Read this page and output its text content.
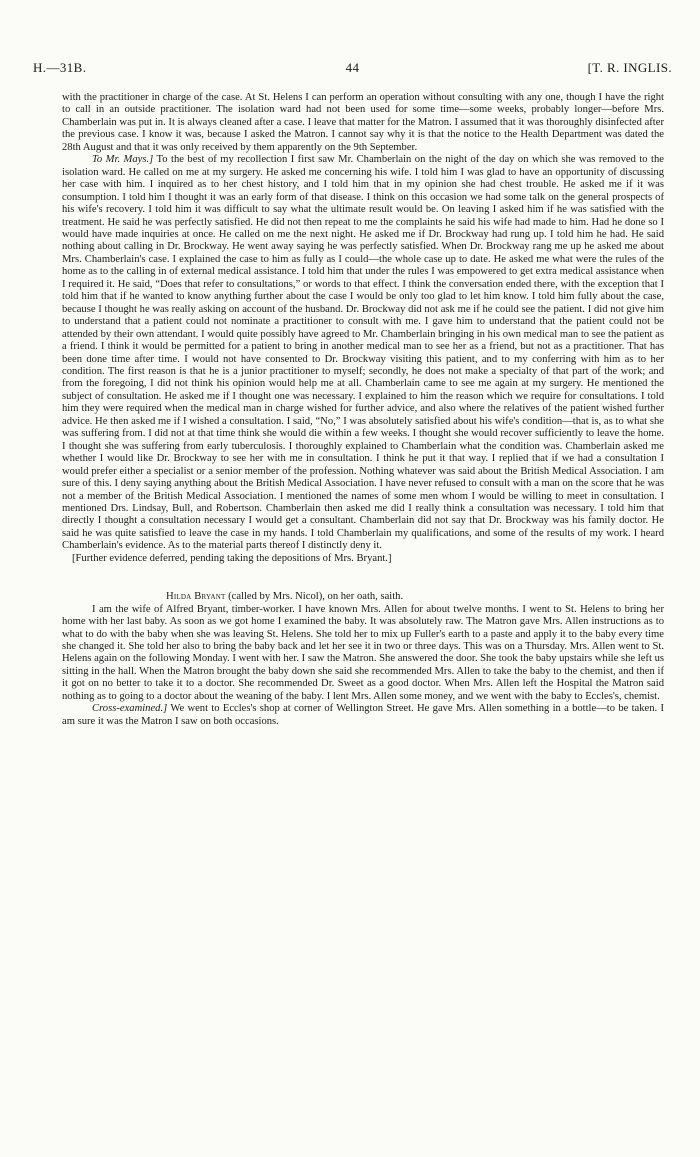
H.—31B.	44	[T. R. INGLIS.

with the practitioner in charge of the case. At St. Helens I can perform an operation without consulting with any one, though I have the right to call in an outside practitioner. The isolation ward had not been used for some time—some weeks, probably longer—before Mrs. Chamberlain was put in. It is always cleaned after a case. I leave that matter for the Matron. I assumed that it was thoroughly disinfected after the previous case. I know it was, because I asked the Matron. I cannot say why it is that the notice to the Health Department was dated the 28th August and that it was only received by them apparently on the 9th September.

To Mr. Mays.] To the best of my recollection I first saw Mr. Chamberlain on the night of the day on which she was removed to the isolation ward. He called on me at my surgery. He asked me concerning his wife. I told him I was glad to have an opportunity of discussing her case with him. I inquired as to her chest history, and I told him that in my opinion she had chest trouble. He asked me if it was consumption. I told him I thought it was an early form of that disease. I think on this occasion we had some talk on the general prospects of his wife's recovery. I told him it was difficult to say what the ultimate result would be. On leaving I asked him if he was satisfied with the treatment. He said he was perfectly satisfied. He did not then repeat to me the complaints he said his wife had made to him. Had he done so I would have made inquiries at once. He called on me the next night. He asked me if Dr. Brockway had rung up. I told him he had. He said nothing about calling in Dr. Brockway. He went away saying he was perfectly satisfied. When Dr. Brockway rang me up he asked me about Mrs. Chamberlain's case. I explained the case to him as fully as I could—the whole case up to date. He asked me what were the rules of the home as to the calling in of external medical assistance. I told him that under the rules I was empowered to get extra medical assistance when I required it. He said, “Does that refer to consultations,” or words to that effect. I think the conversation ended there, with the exception that I told him that if he wanted to know anything further about the case I would be only too glad to let him know. I told him fully about the case, because I thought he was really asking on account of the husband. Dr. Brockway did not ask me if he could see the patient. I did not give him to understand that a patient could not nominate a practitioner to consult with me. I gave him to understand that the patient could not be attended by their own attendant. I would quite possibly have agreed to Mr. Chamberlain bringing in his own medical man to see the patient as a friend. I think it would be permitted for a patient to bring in another medical man to see her as a friend, but not as a practitioner. That has been done time after time. I would not have consented to Dr. Brockway visiting this patient, and to my conferring with him as to her condition. The first reason is that he is a junior practitioner to myself; secondly, he does not make a specialty of that part of the work; and from the foregoing, I did not think his opinion would help me at all. Chamberlain came to see me again at my surgery. He mentioned the subject of consultation. He asked me if I thought one was necessary. I explained to him the reason which we require for consultations. I told him they were required when the medical man in charge wished for further advice, and also where the relatives of the patient wished further advice. He then asked me if I wished a consultation. I said, “No,” I was absolutely satisfied about his wife's condition—that is, as to what she was suffering from. I did not at that time think she would die within a few weeks. I thought she would recover sufficiently to leave the home. I thought she was suffering from early tuberculosis. I thoroughly explained to Chamberlain what the condition was. Chamberlain asked me whether I would like Dr. Brockway to see her with me in consultation. I think he put it that way. I replied that if we had a consultation I would prefer either a specialist or a senior member of the profession. Nothing whatever was said about the British Medical Association. I am sure of this. I deny saying anything about the British Medical Association. I have never refused to consult with a man on the score that he was not a member of the British Medical Association. I mentioned the names of some men whom I would be willing to meet in consultation. I mentioned Drs. Lindsay, Bull, and Robertson. Chamberlain then asked me did I really think a consultation was necessary. I told him that directly I thought a consultation necessary I would get a consultant. Chamberlain did not say that Dr. Brockway was his family doctor. He said he was quite satisfied to leave the case in my hands. I told Chamberlain my qualifications, and some of the results of my work. I heard Chamberlain's evidence. As to the material parts thereof I distinctly deny it.

[Further evidence deferred, pending taking the depositions of Mrs. Bryant.]

Hilda Bryant (called by Mrs. Nicol), on her oath, saith.

I am the wife of Alfred Bryant, timber-worker. I have known Mrs. Allen for about twelve months. I went to St. Helens to bring her home with her last baby. As soon as we got home I examined the baby. It was absolutely raw. The Matron gave Mrs. Allen instructions as to what to do with the baby when she was leaving St. Helens. She told her to mix up Fuller's earth to a paste and apply it to the baby every time she changed it. She told her also to bring the baby back and let her see it in two or three days. This was on a Thursday. Mrs. Allen went to St. Helens again on the following Monday. I went with her. I saw the Matron. She answered the door. She took the baby upstairs while she left us sitting in the hall. When the Matron brought the baby down she said she recommended Mrs. Allen to take the baby to the chemist, and then if it got on no better to take it to a doctor. She recommended Dr. Sweet as a good doctor. When Mrs. Allen left the Hospital the Matron said nothing as to going to a doctor about the weaning of the baby. I lent Mrs. Allen some money, and we went with the baby to Eccles's, chemist.

Cross-examined.] We went to Eccles's shop at corner of Wellington Street. He gave Mrs. Allen something in a bottle—to be taken. I am sure it was the Matron I saw on both occasions.
